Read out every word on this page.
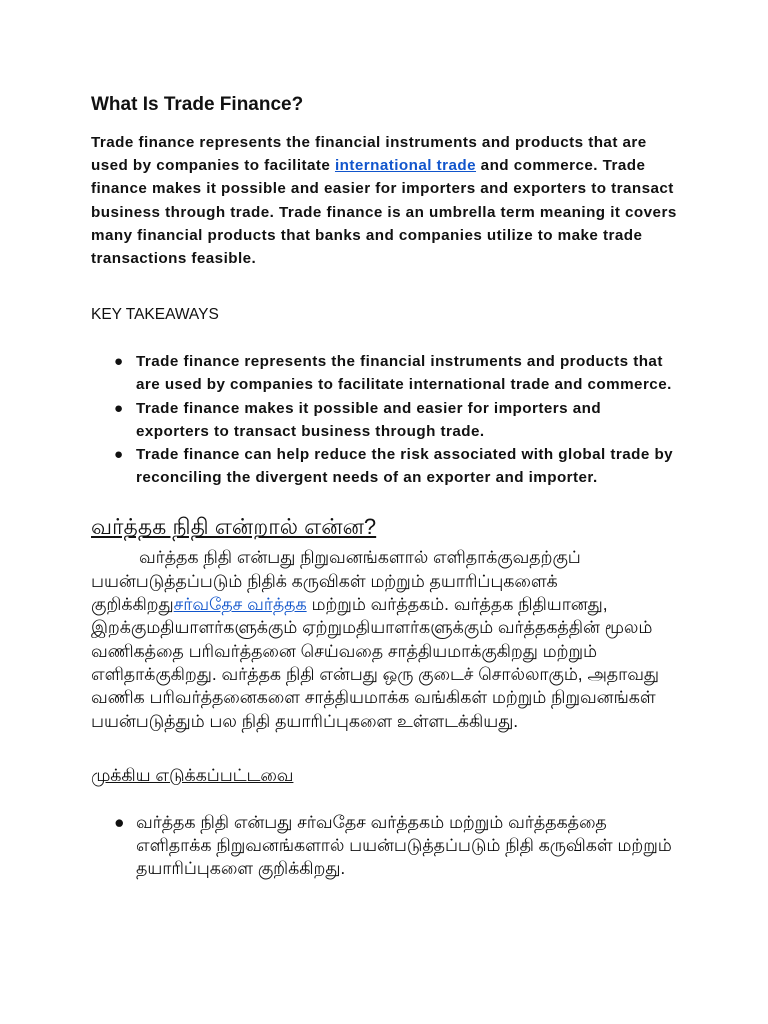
What Is Trade Finance?

Trade finance represents the financial instruments and products that are used by companies to facilitate international trade and commerce. Trade finance makes it possible and easier for importers and exporters to transact business through trade. Trade finance is an umbrella term meaning it covers many financial products that banks and companies utilize to make trade transactions feasible.

KEY TAKEAWAYS

● Trade finance represents the financial instruments and products that are used by companies to facilitate international trade and commerce.
● Trade finance makes it possible and easier for importers and exporters to transact business through trade.
● Trade finance can help reduce the risk associated with global trade by reconciling the divergent needs of an exporter and importer.
வர்த்தக நிதி என்றால் என்ன?

வர்த்தக நிதி என்பது நிறுவனங்களால் எளிதாக்குவதற்குப் பயன்படுத்தப்படும் நிதிக் கருவிகள் மற்றும் தயாரிப்புகளைக் குறிக்கிறதுசர்வதேச வர்த்தக மற்றும் வர்த்தகம். வர்த்தக நிதியானது, இறக்குமதியாளர்களுக்கும் ஏற்றுமதியாளர்களுக்கும் வர்த்தகத்தின் மூலம் வணிகத்தை பரிவர்த்தனை செய்வதை சாத்தியமாக்குகிறது மற்றும் எளிதாக்குகிறது. வர்த்தக நிதி என்பது ஒரு குடைச் சொல்லாகும், அதாவது வணிக பரிவர்த்தனைகளை சாத்தியமாக்க வங்கிகள் மற்றும் நிறுவனங்கள் பயன்படுத்தும் பல நிதி தயாரிப்புகளை உள்ளடக்கியது.

முக்கிய எடுக்கப்பட்டவை

● வர்த்தக நிதி என்பது சர்வதேச வர்த்தகம் மற்றும் வர்த்தகத்தை எளிதாக்க நிறுவனங்களால் பயன்படுத்தப்படும் நிதி கருவிகள் மற்றும் தயாரிப்புகளை குறிக்கிறது.
